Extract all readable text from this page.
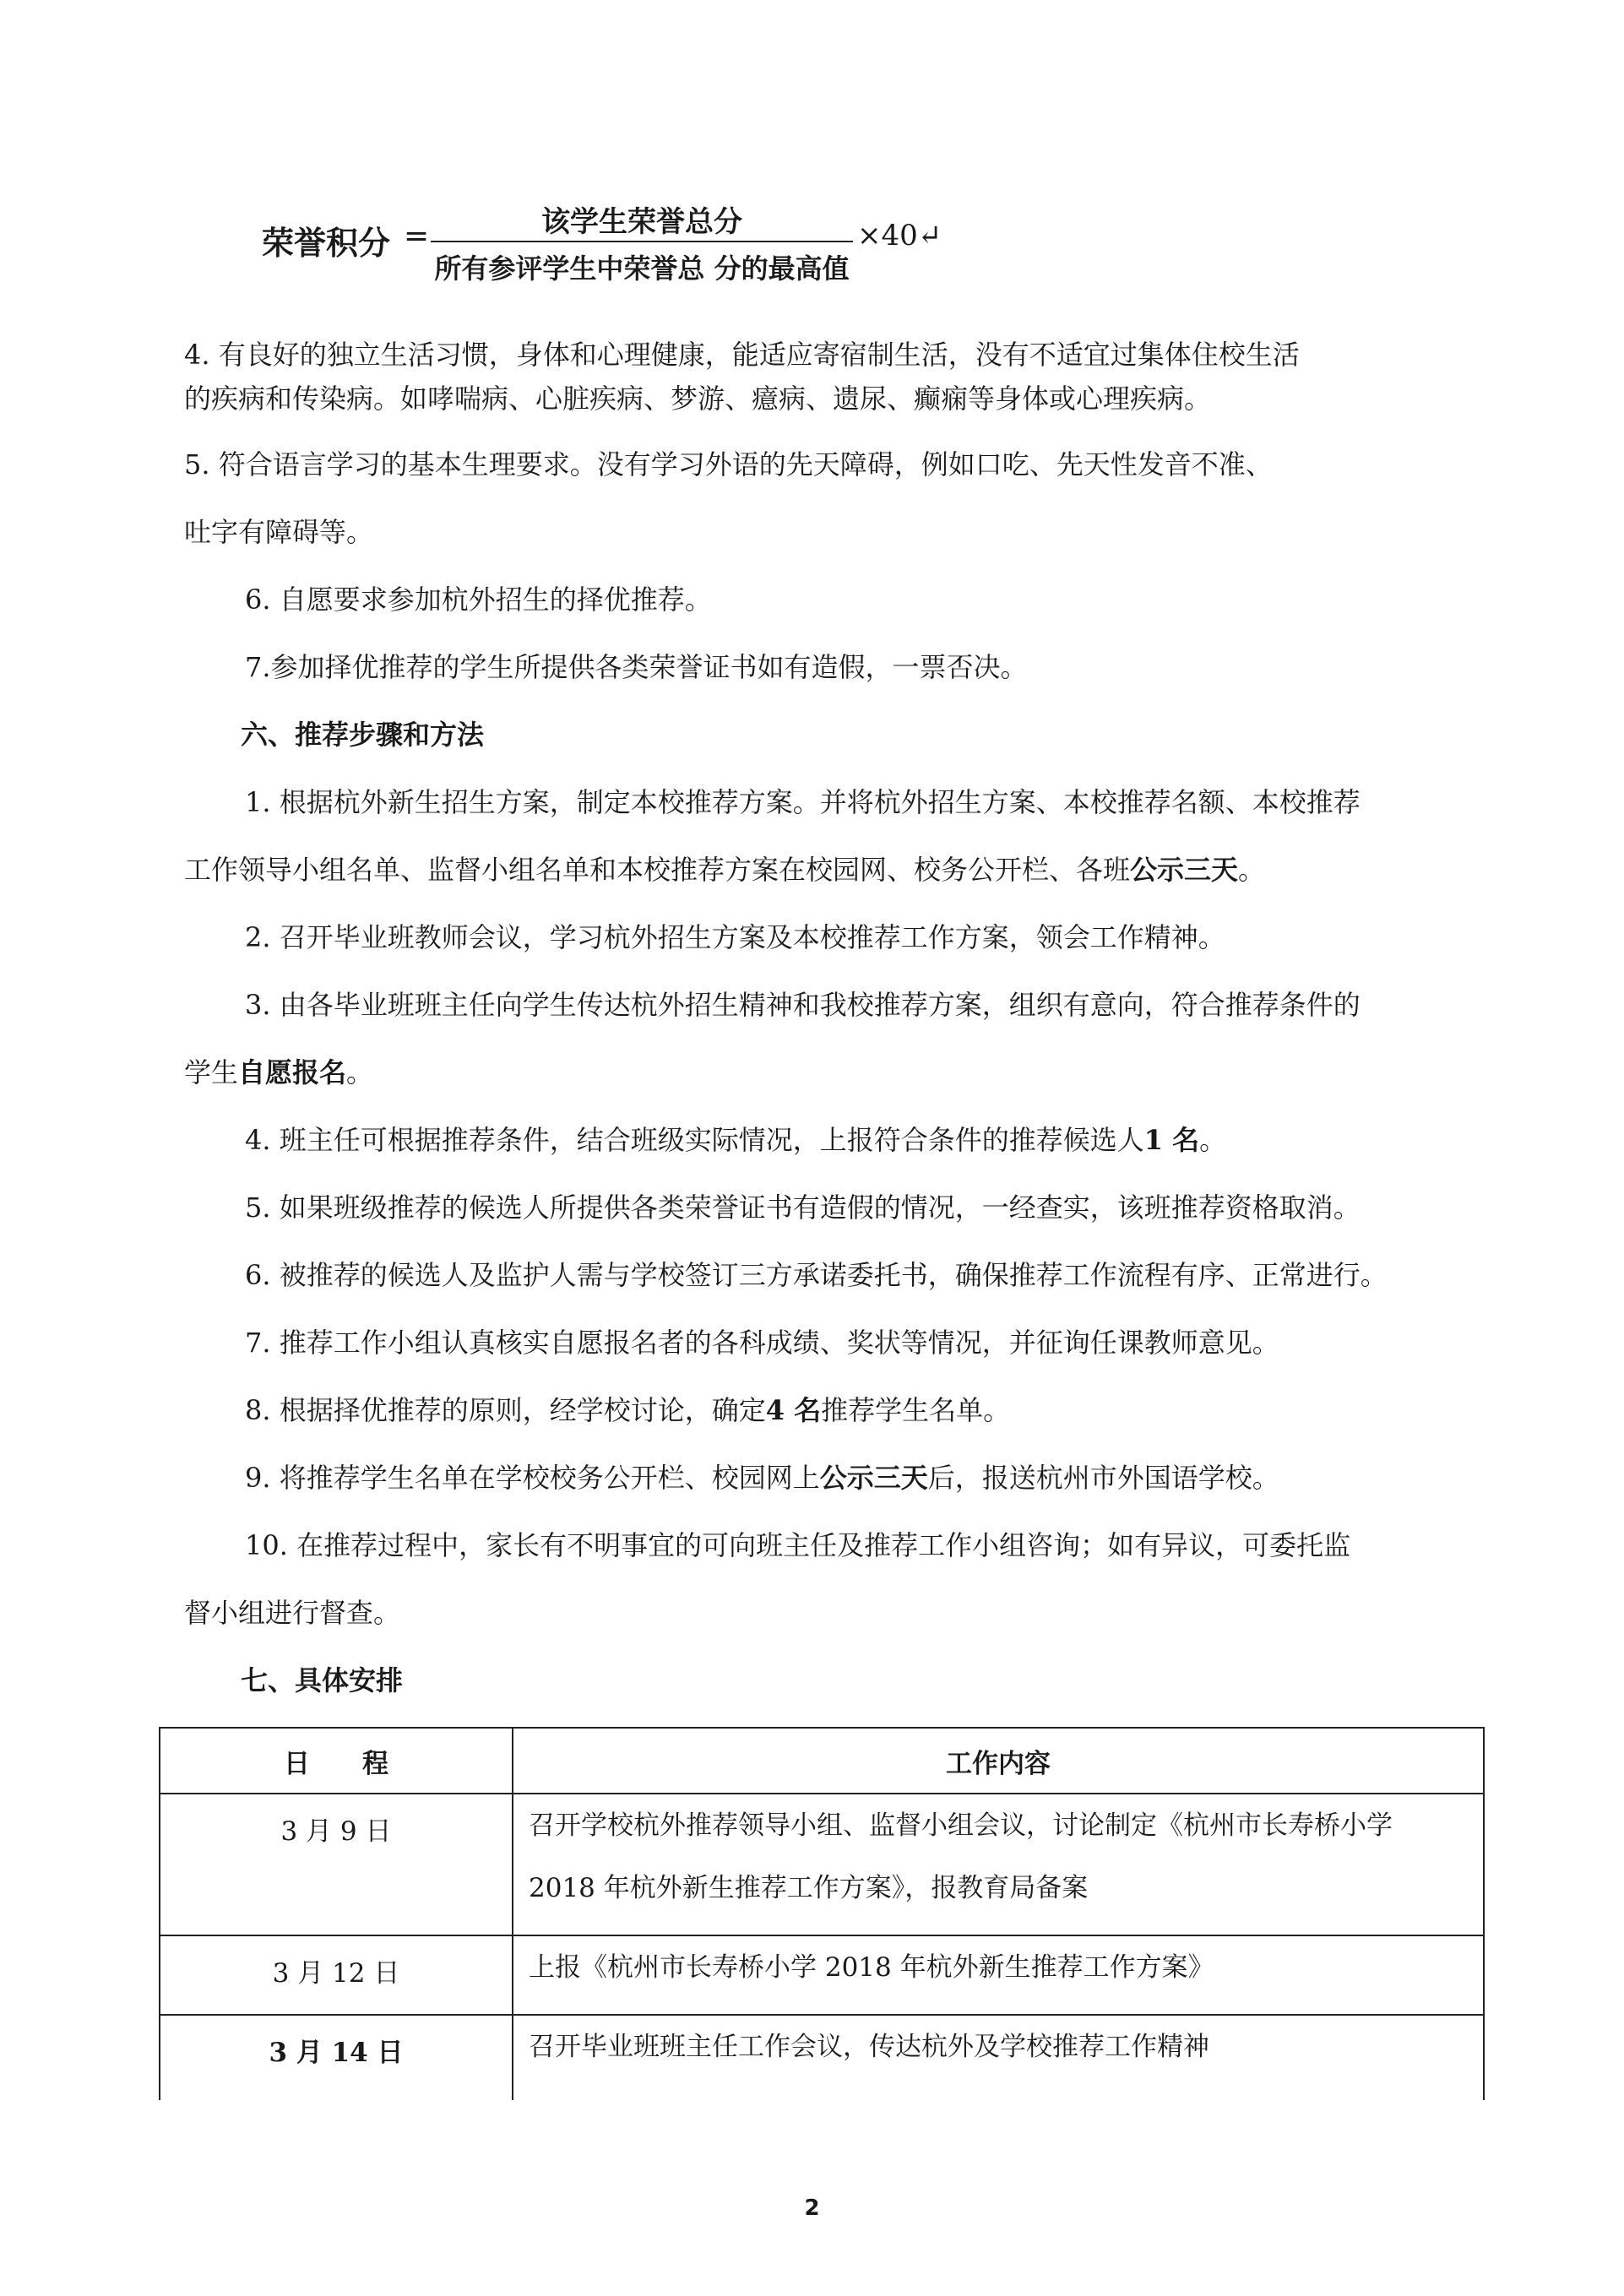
荣誉积分 =	该学生荣誉总分
所有参评学生中荣誉总 分的最高值
×40↵
4. 有良好的独立生活习惯，身体和心理健康，能适应寄宿制生活，没有不适宜过集体住校生活
的疾病和传染病。如哮喘病、心脏疾病、梦游、癔病、遗尿、癫痫等身体或心理疾病。
5. 符合语言学习的基本生理要求。没有学习外语的先天障碍，例如口吃、先天性发音不准、
吐字有障碍等。
6. 自愿要求参加杭外招生的择优推荐。
7.参加择优推荐的学生所提供各类荣誉证书如有造假，一票否决。
六、推荐步骤和方法
1. 根据杭外新生招生方案，制定本校推荐方案。并将杭外招生方案、本校推荐名额、本校推荐
工作领导小组名单、监督小组名单和本校推荐方案在校园网、校务公开栏、各班公示三天。
2. 召开毕业班教师会议，学习杭外招生方案及本校推荐工作方案，领会工作精神。
3. 由各毕业班班主任向学生传达杭外招生精神和我校推荐方案，组织有意向，符合推荐条件的
学生自愿报名。
4. 班主任可根据推荐条件，结合班级实际情况，上报符合条件的推荐候选人1 名。
5. 如果班级推荐的候选人所提供各类荣誉证书有造假的情况，一经查实，该班推荐资格取消。
6. 被推荐的候选人及监护人需与学校签订三方承诺委托书，确保推荐工作流程有序、正常进行。
7. 推荐工作小组认真核实自愿报名者的各科成绩、奖状等情况，并征询任课教师意见。
8. 根据择优推荐的原则，经学校讨论，确定4 名推荐学生名单。
9. 将推荐学生名单在学校校务公开栏、校园网上公示三天后，报送杭州市外国语学校。
10. 在推荐过程中，家长有不明事宜的可向班主任及推荐工作小组咨询；如有异议，可委托监
督小组进行督查。
七、具体安排
日　　程	工作内容
3 月 9 日	召开学校杭外推荐领导小组、监督小组会议，讨论制定《杭州市长寿桥小学
2018 年杭外新生推荐工作方案》，报教育局备案
3 月 12 日	上报《杭州市长寿桥小学 2018 年杭外新生推荐工作方案》
3 月 14 日	召开毕业班班主任工作会议，传达杭外及学校推荐工作精神
2
